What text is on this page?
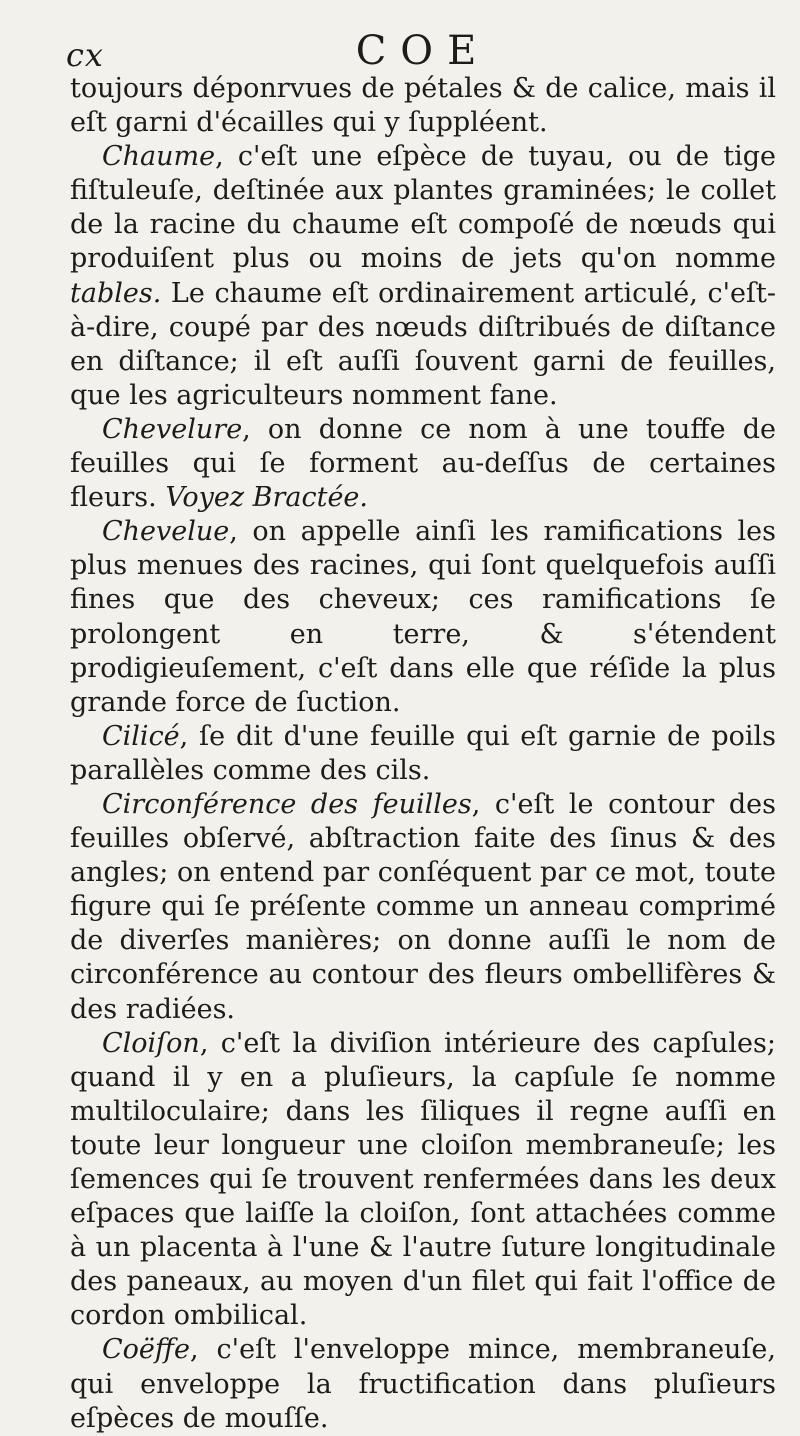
cx	COE

toujours déponrvues de pétales & de calice, mais il eſt garni d'écailles qui y ſuppléent.

Chaume, c'eſt une eſpèce de tuyau, ou de tige fiſtuleuſe, deſtinée aux plantes graminées; le collet de la racine du chaume eſt compoſé de nœuds qui produiſent plus ou moins de jets qu'on nomme tables. Le chaume eſt ordinairement articulé, c'eſt-à-dire, coupé par des nœuds diſtribués de diſtance en diſtance; il eſt auſſi ſouvent garni de feuilles, que les agriculteurs nomment fane.

Chevelure, on donne ce nom à une touffe de feuilles qui ſe forment au-deſſus de certaines fleurs. Voyez Bractée.

Chevelue, on appelle ainſi les ramifications les plus menues des racines, qui ſont quelquefois auſſi fines que des cheveux; ces ramifications ſe prolongent en terre, & s'étendent prodigieuſement, c'eſt dans elle que réſide la plus grande force de ſuction.

Cilicé, ſe dit d'une feuille qui eſt garnie de poils parallèles comme des cils.

Circonférence des feuilles, c'eſt le contour des feuilles obſervé, abſtraction faite des ſinus & des angles; on entend par conſéquent par ce mot, toute figure qui ſe préſente comme un anneau comprimé de diverſes manières; on donne auſſi le nom de circonférence au contour des fleurs ombellifères & des radiées.

Cloiſon, c'eſt la diviſion intérieure des capſules; quand il y en a pluſieurs, la capſule ſe nomme multiloculaire; dans les ſiliques il regne auſſi en toute leur longueur une cloiſon membraneuſe; les ſemences qui ſe trouvent renfermées dans les deux eſpaces que laiſſe la cloiſon, ſont attachées comme à un placenta à l'une & l'autre ſuture longitudinale des paneaux, au moyen d'un filet qui fait l'office de cordon ombilical.

Coëffe, c'eſt l'enveloppe mince, membraneuſe, qui enveloppe la fructification dans pluſieurs eſpèces de mouſſe.
